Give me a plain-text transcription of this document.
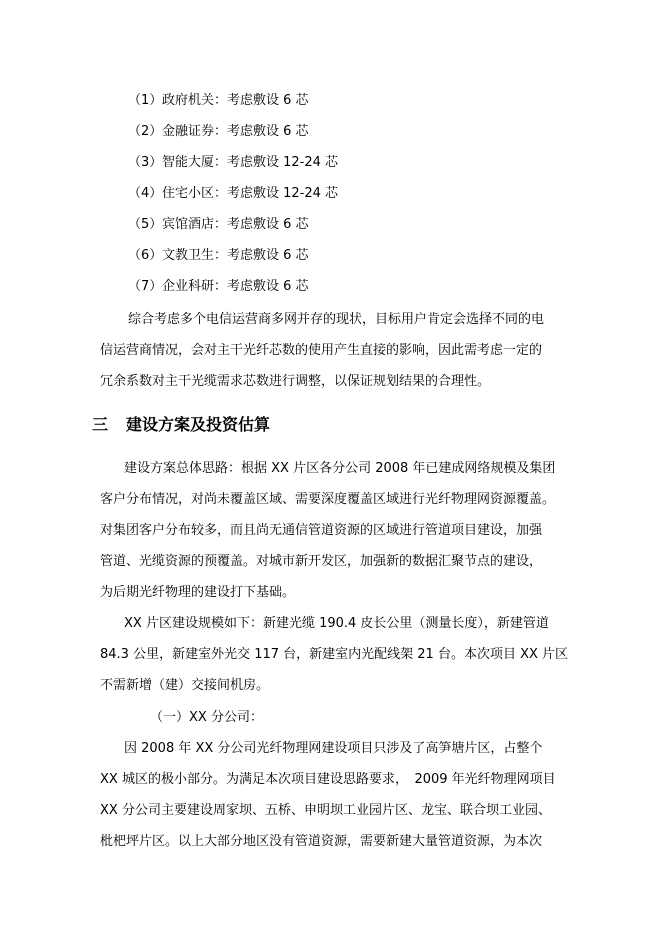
（1）政府机关：考虑敷设 6 芯
（2）金融证券：考虑敷设 6 芯
（3）智能大厦：考虑敷设 12-24 芯
（4）住宅小区：考虑敷设 12-24 芯
（5）宾馆酒店：考虑敷设 6 芯
（6）文教卫生：考虑敷设 6 芯
（7）企业科研：考虑敷设 6 芯
综合考虑多个电信运营商多网并存的现状，目标用户肯定会选择不同的电
信运营商情况，会对主干光纤芯数的使用产生直接的影响，因此需考虑一定的
冗余系数对主干光缆需求芯数进行调整，以保证规划结果的合理性。
三 建设方案及投资估算
建设方案总体思路：根据 XX 片区各分公司 2008 年已建成网络规模及集团
客户分布情况，对尚未覆盖区域、需要深度覆盖区域进行光纤物理网资源覆盖。
对集团客户分布较多，而且尚无通信管道资源的区域进行管道项目建设，加强
管道、光缆资源的预覆盖。对城市新开发区，加强新的数据汇聚节点的建设，
为后期光纤物理的建设打下基础。
XX 片区建设规模如下：新建光缆 190.4 皮长公里（测量长度），新建管道
84.3 公里，新建室外光交 117 台，新建室内光配线架 21 台。本次项目 XX 片区
不需新增（建）交接间机房。
（一）XX 分公司：
因 2008 年 XX 分公司光纤物理网建设项目只涉及了高笋塘片区，占整个
XX 城区的极小部分。为满足本次项目建设思路要求，　2009 年光纤物理网项目
XX 分公司主要建设周家坝、五桥、申明坝工业园片区、龙宝、联合坝工业园、
枇杷坪片区。以上大部分地区没有管道资源，需要新建大量管道资源，为本次
